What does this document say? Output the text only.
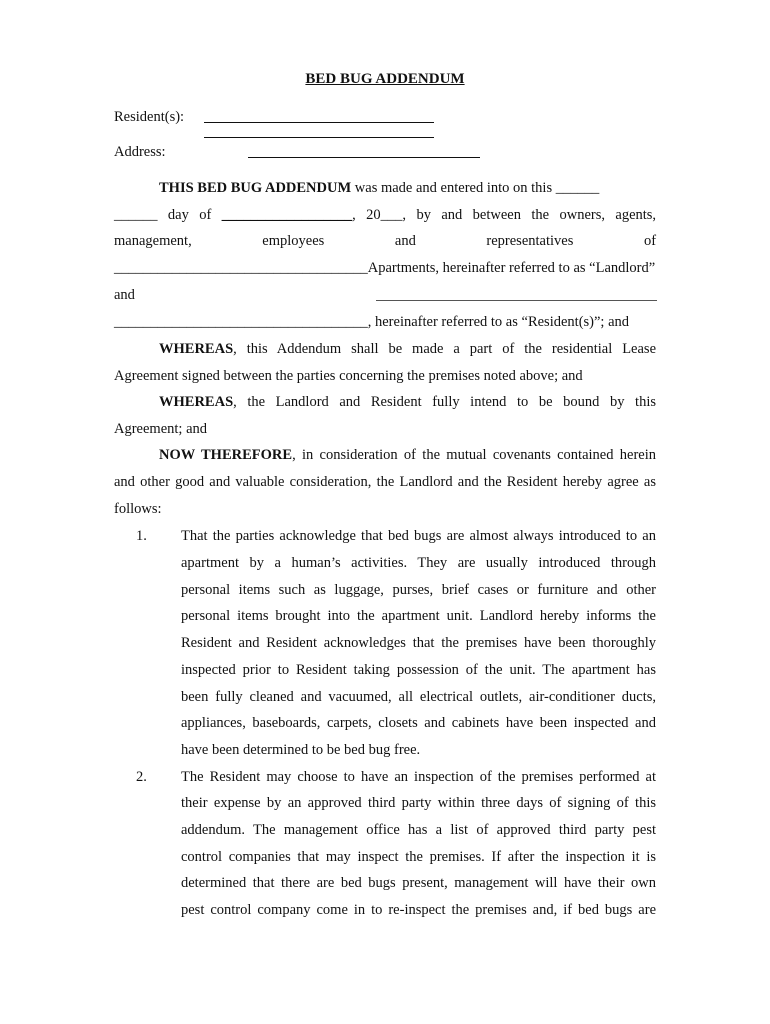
BED BUG ADDENDUM
Resident(s):
Address:
THIS BED BUG ADDENDUM was made and entered into on this ______
______ day of __________________, 20___, by and between the owners, agents,
management,	employees	and	representatives	of
___________________________________Apartments, hereinafter referred to as “Landlord”
and
___________________________________, hereinafter referred to as “Resident(s)”; and
WHEREAS, this Addendum shall be made a part of the residential Lease
Agreement signed between the parties concerning the premises noted above; and
WHEREAS, the Landlord and Resident fully intend to be bound by this
Agreement; and
NOW THEREFORE, in consideration of the mutual covenants contained herein
and other good and valuable consideration, the Landlord and the Resident hereby agree as
follows:
1. That the parties acknowledge that bed bugs are almost always introduced to an
apartment by a human’s activities. They are usually introduced through
personal items such as luggage, purses, brief cases or furniture and other
personal items brought into the apartment unit. Landlord hereby informs the
Resident and Resident acknowledges that the premises have been thoroughly
inspected prior to Resident taking possession of the unit. The apartment has
been fully cleaned and vacuumed, all electrical outlets, air-conditioner ducts,
appliances, baseboards, carpets, closets and cabinets have been inspected and
have been determined to be bed bug free.
2. The Resident may choose to have an inspection of the premises performed at
their expense by an approved third party within three days of signing of this
addendum. The management office has a list of approved third party pest
control companies that may inspect the premises. If after the inspection it is
determined that there are bed bugs present, management will have their own
pest control company come in to re-inspect the premises and, if bed bugs are
